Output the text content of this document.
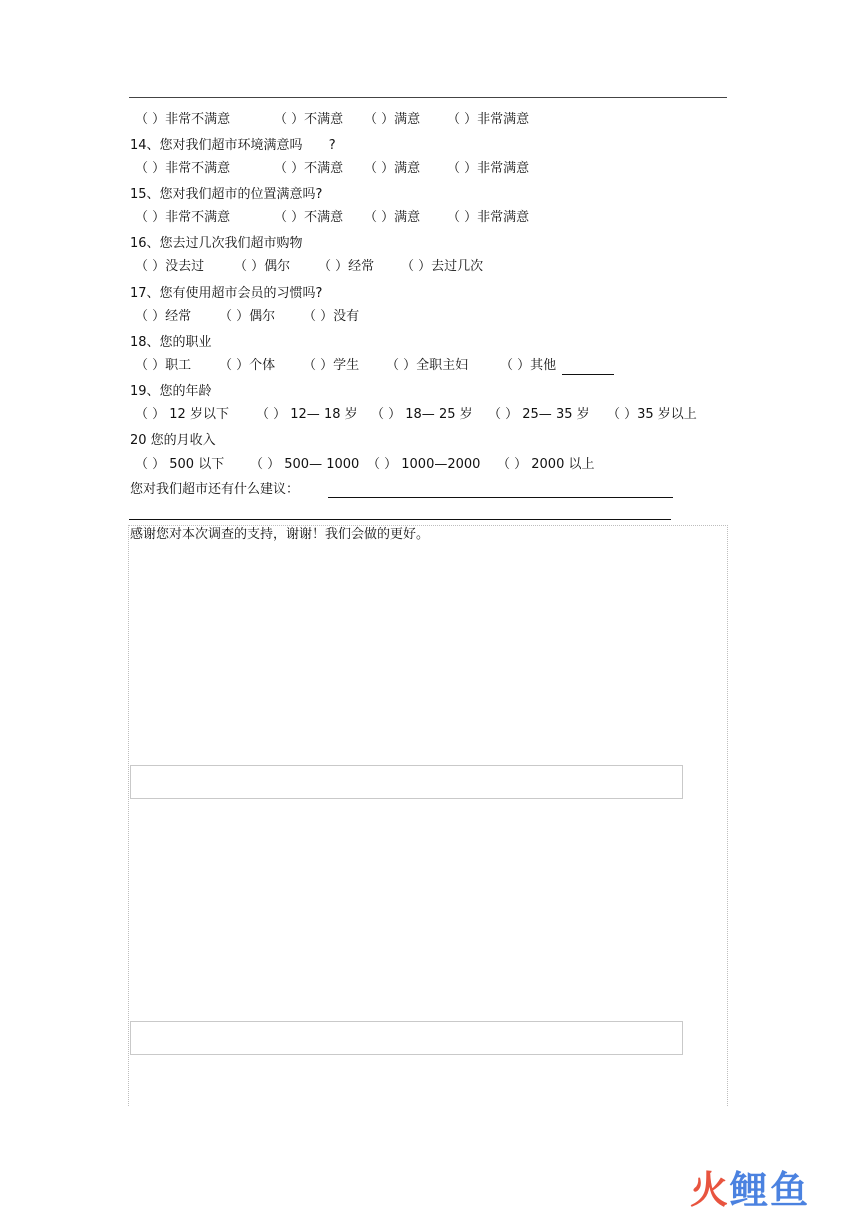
（ ）非常不满意	（ ）不满意 （ ）满意 （ ）非常满意
14、您对我们超市环境满意吗 ?
（ ）非常不满意	（ ）不满意 （ ）满意 （ ）非常满意
15、您对我们超市的位置满意吗?
（ ）非常不满意	（ ）不满意 （ ）满意 （ ）非常满意
16、您去过几次我们超市购物
（ ）没去过 （ ）偶尔 （ ）经常 （ ）去过几次
17、您有使用超市会员的习惯吗?
（ ）经常 （ ）偶尔 （ ）没有
18、您的职业
（ ）职工 （ ）个体 （ ）学生 （ ）全职主妇 （ ）其他
19、您的年龄
（ ） 12 岁以下 （ ） 12— 18 岁 （ ） 18— 25 岁 （ ） 25— 35 岁 （ ）35 岁以上
20 您的月收入
（ ） 500 以下 （ ） 500— 1000 （ ） 1000—2000 （ ） 2000 以上
您对我们超市还有什么建议：
感谢您对本次调查的支持，谢谢！我们会做的更好。
火鲤鱼
